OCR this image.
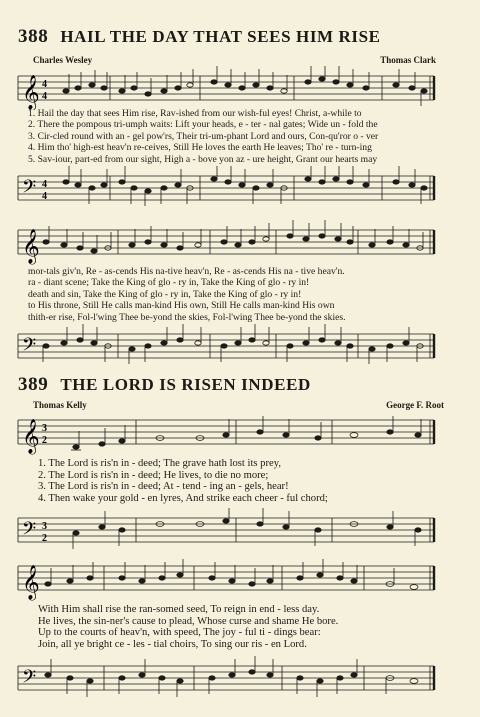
388 HAIL THE DAY THAT SEES HIM RISE
Charles Wesley	Thomas Clark
𝄞 4
4
1. Hail the day that sees Him rise, Rav-ished from our wish-ful eyes! Christ, a-while to
2. There the pompous tri-umph waits: Lift your heads, e - ter - nal gates; Wide un - fold the
3. Cir-cled round with an - gel pow'rs, Their tri-um-phant Lord and ours, Con-qu'ror o - ver
4. Him tho' high-est heav'n re-ceives, Still He loves the earth He leaves; Tho' re - turn-ing
5. Sav-iour, part-ed from our sight, High a - bove yon az - ure height, Grant our hearts may
𝄢 4
4
𝄞
mor-tals giv'n, Re - as-cends His na-tive heav'n, Re - as-cends His na - tive heav'n.
ra - diant scene; Take the King of glo - ry in, Take the King of glo - ry in!
death and sin, Take the King of glo - ry in, Take the King of glo - ry in!
to His throne, Still He calls man-kind His own, Still He calls man-kind His own
thith-er rise, Fol-l'wing Thee be-yond the skies, Fol-l'wing Thee be-yond the skies.
𝄢
389 THE LORD IS RISEN INDEED
Thomas Kelly	George F. Root
𝄞 3
2
1. The Lord is ris'n in - deed; The grave hath lost its prey,
2. The Lord is ris'n in - deed; He lives, to die no more;
3. The Lord is ris'n in - deed; At - tend - ing an - gels, hear!
4. Then wake your gold - en lyres, And strike each cheer - ful chord;
𝄢 3
2
𝄞
With Him shall rise the ran-somed seed, To reign in end - less day.
He lives, the sin-ner's cause to plead, Whose curse and shame He bore.
Up to the courts of heav'n, with speed, The joy - ful ti - dings bear:
Join, all ye bright ce - les - tial choirs, To sing our ris - en Lord.
𝄢
